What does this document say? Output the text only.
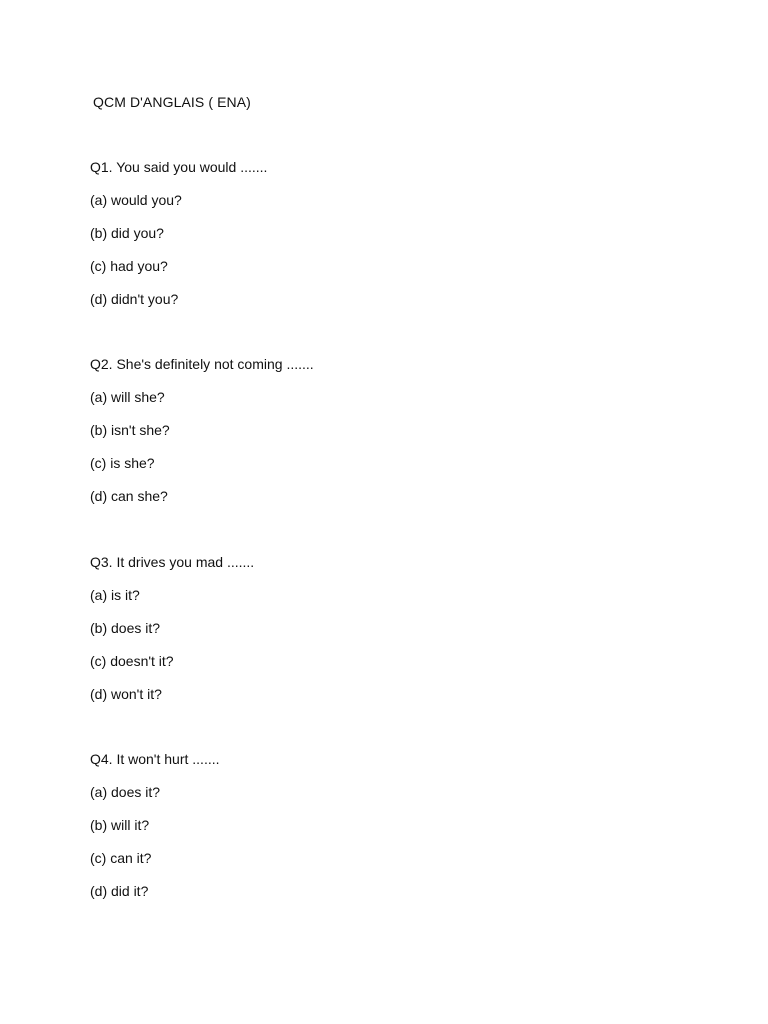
QCM D'ANGLAIS ( ENA)
Q1. You said you would .......
(a) would you?
(b) did you?
(c) had you?
(d) didn't you?
Q2. She's definitely not coming .......
(a) will she?
(b) isn't she?
(c) is she?
(d) can she?
Q3. It drives you mad .......
(a) is it?
(b) does it?
(c) doesn't it?
(d) won't it?
Q4. It won't hurt .......
(a) does it?
(b) will it?
(c) can it?
(d) did it?
